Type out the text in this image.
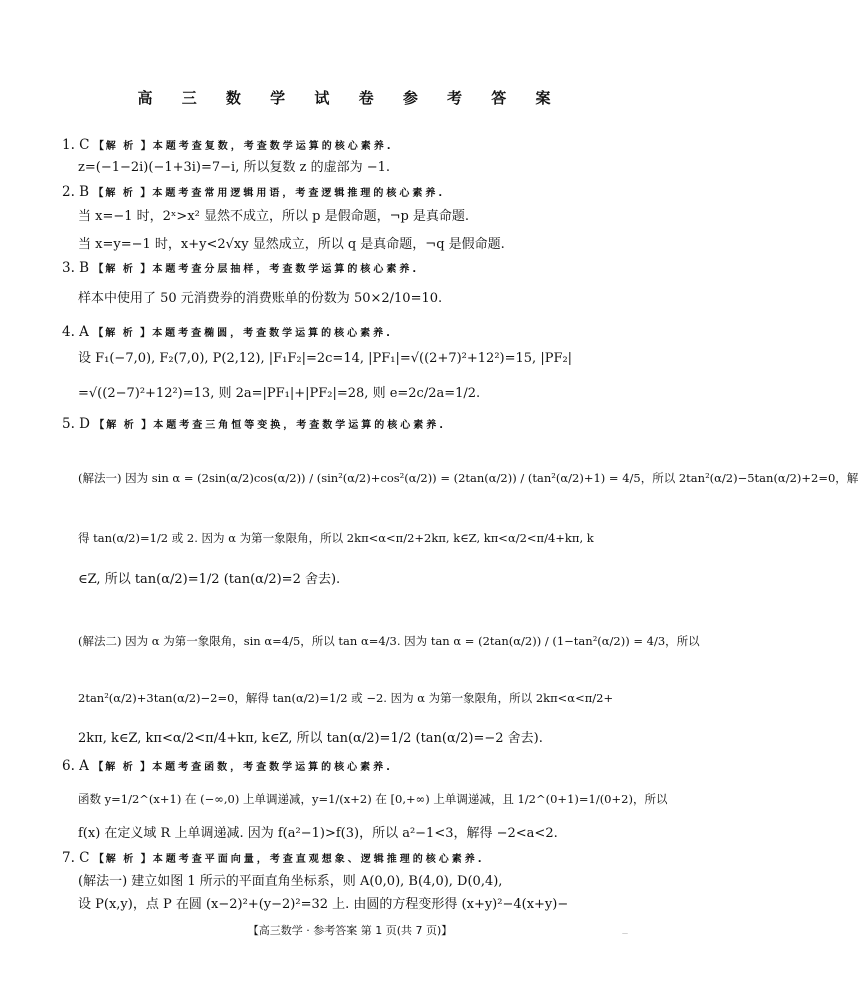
高 三 数 学 试 卷 参 考 答 案
1. C 【解 析 】本题考查复数，考查数学运算的核心素养.
z=(−1−2i)(−1+3i)=7−i, 所以复数 z 的虚部为 −1.
2. B 【解 析 】本题考查常用逻辑用语，考查逻辑推理的核心素养.
当 x=−1 时，2ˣ>x² 显然不成立，所以 p 是假命题，¬p 是真命题.
当 x=y=−1 时，x+y<2√xy 显然成立，所以 q 是真命题，¬q 是假命题.
3. B 【解 析 】本题考查分层抽样，考查数学运算的核心素养.
样本中使用了 50 元消费券的消费账单的份数为 50×2/10=10.
4. A 【解 析 】本题考查椭圆，考查数学运算的核心素养.
设 F₁(−7,0), F₂(7,0), P(2,12), |F₁F₂|=2c=14, |PF₁|=√((2+7)²+12²)=15, |PF₂|
=√((2−7)²+12²)=13, 则 2a=|PF₁|+|PF₂|=28, 则 e=2c/2a=1/2.
5. D 【解 析 】本题考查三角恒等变换，考查数学运算的核心素养.
(解法一) 因为 sin α = (2sin(α/2)cos(α/2)) / (sin²(α/2)+cos²(α/2)) = (2tan(α/2)) / (tan²(α/2)+1) = 4/5，所以 2tan²(α/2)−5tan(α/2)+2=0，解
得 tan(α/2)=1/2 或 2. 因为 α 为第一象限角，所以 2kπ<α<π/2+2kπ, k∈Z, kπ<α/2<π/4+kπ, k
∈Z, 所以 tan(α/2)=1/2 (tan(α/2)=2 舍去).
(解法二) 因为 α 为第一象限角，sin α=4/5，所以 tan α=4/3. 因为 tan α = (2tan(α/2)) / (1−tan²(α/2)) = 4/3，所以
2tan²(α/2)+3tan(α/2)−2=0，解得 tan(α/2)=1/2 或 −2. 因为 α 为第一象限角，所以 2kπ<α<π/2+
2kπ, k∈Z, kπ<α/2<π/4+kπ, k∈Z, 所以 tan(α/2)=1/2 (tan(α/2)=−2 舍去).
6. A 【解 析 】本题考查函数，考查数学运算的核心素养.
函数 y=1/2^(x+1) 在 (−∞,0) 上单调递减，y=1/(x+2) 在 [0,+∞) 上单调递减，且 1/2^(0+1)=1/(0+2)，所以
f(x) 在定义域 R 上单调递减. 因为 f(a²−1)>f(3)，所以 a²−1<3，解得 −2<a<2.
7. C 【解 析 】本题考查平面向量，考查直观想象、逻辑推理的核心素养.
(解法一) 建立如图 1 所示的平面直角坐标系，则 A(0,0), B(4,0), D(0,4),
设 P(x,y)，点 P 在圆 (x−2)²+(y−2)²=32 上. 由圆的方程变形得 (x+y)²−4(x+y)−
【高三数学 · 参考答案 第 1 页(共 7 页)】	—
